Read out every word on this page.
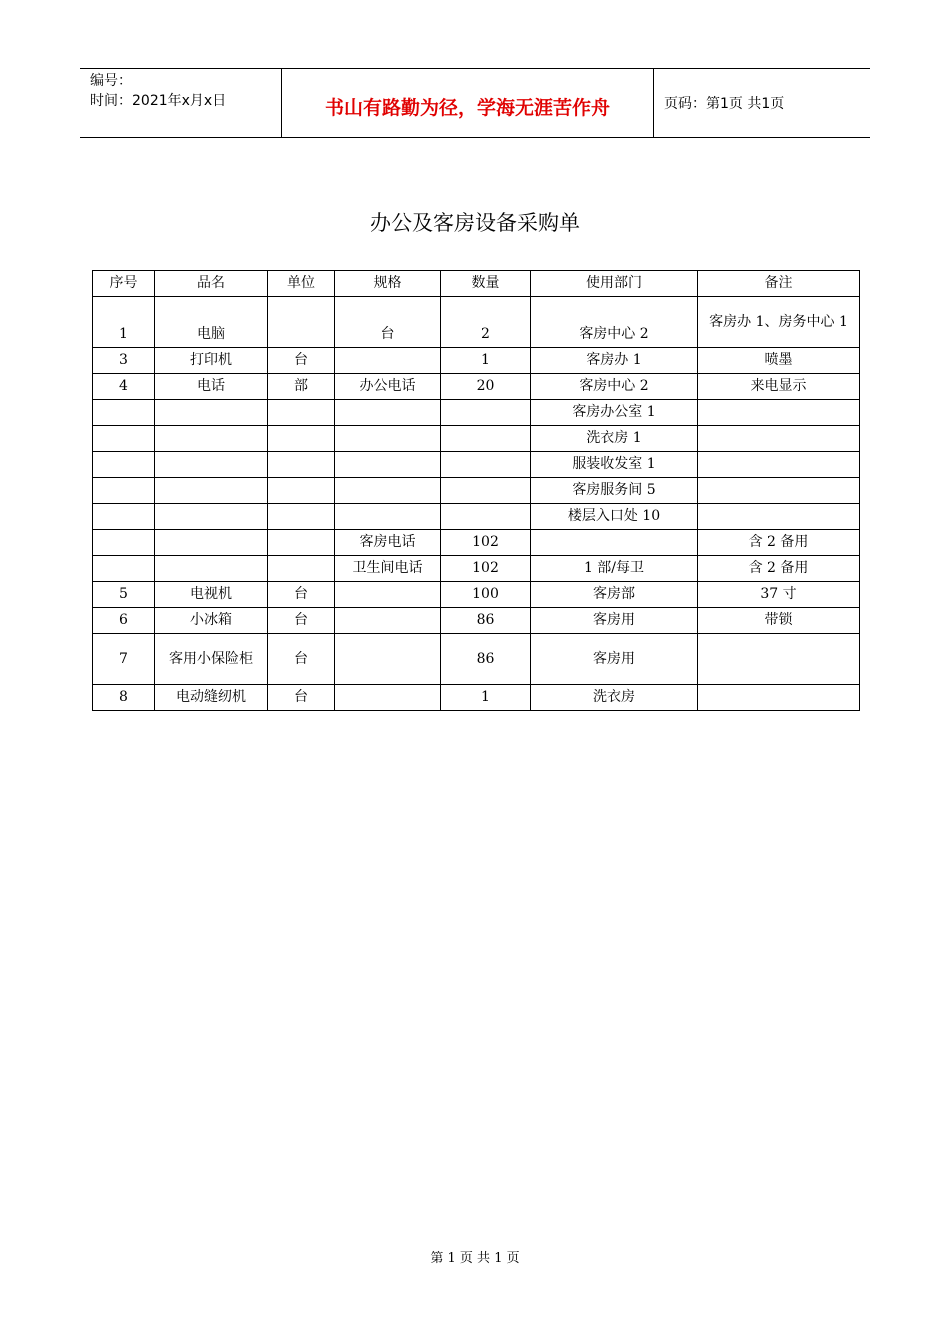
编号：
时间：2021年x月x日	书山有路勤为径，学海无涯苦作舟	页码：第1页 共1页
办公及客房设备采购单
序号	品名	单位	规格	数量	使用部门	备注
1	电脑		台	2	客房中心 2	客房办 1、房务中心 1
3	打印机	台		1	客房办 1	喷墨
4	电话	部	办公电话	20	客房中心 2	来电显示
					客房办公室 1	
					洗衣房 1	
					服装收发室 1	
					客房服务间 5	
					楼层入口处 10	
			客房电话	102		含 2 备用
			卫生间电话	102	1 部/每卫	含 2 备用
5	电视机	台		100	客房部	37 寸
6	小冰箱	台		86	客房用	带锁
7	客用小保险柜	台		86	客房用	
8	电动缝纫机	台		1	洗衣房	
第 1 页 共 1 页
